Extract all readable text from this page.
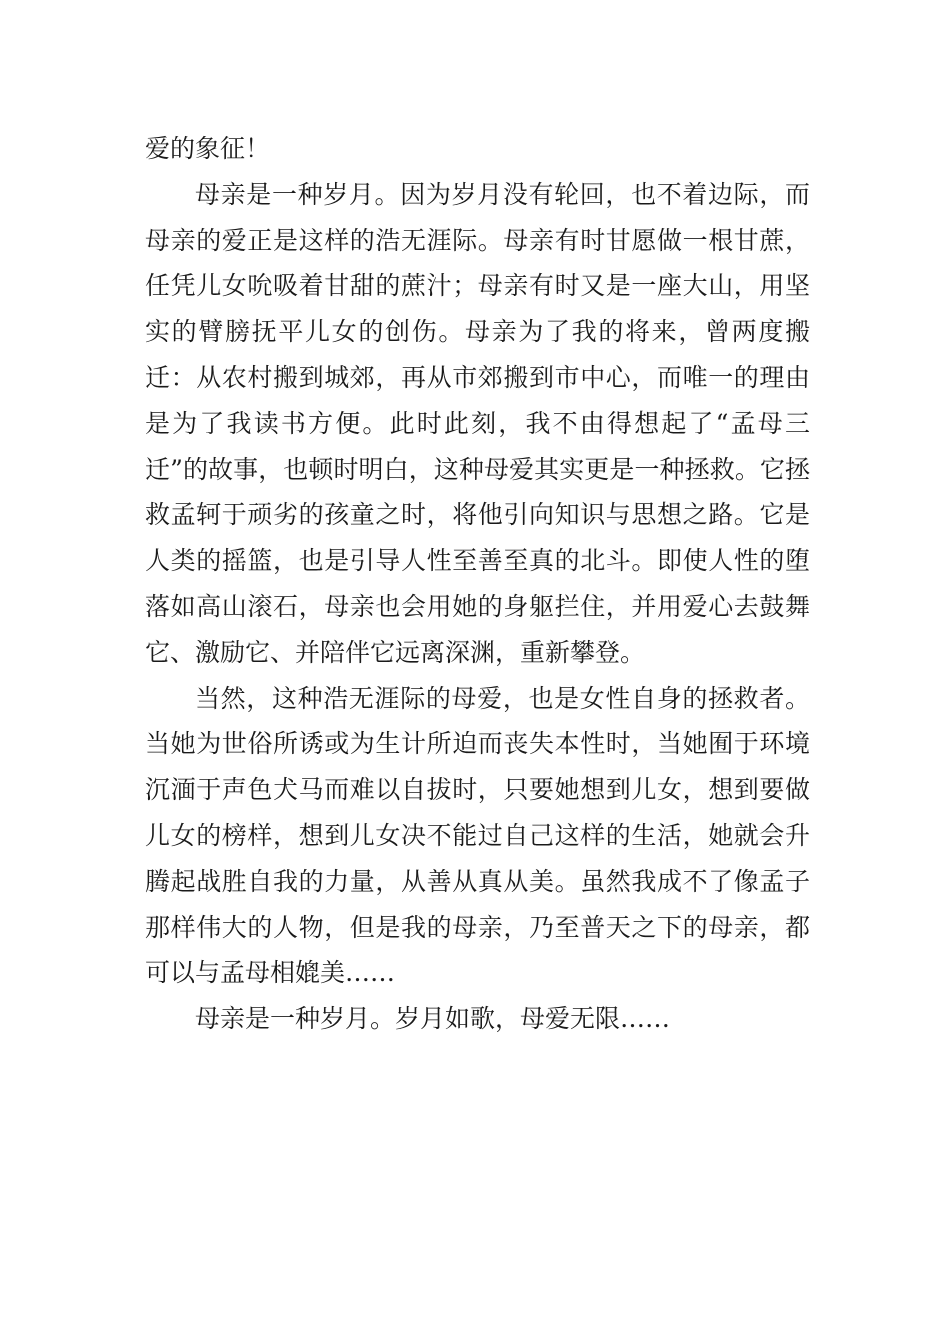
爱的象征！

母亲是一种岁月。因为岁月没有轮回，也不着边际，而母亲的爱正是这样的浩无涯际。母亲有时甘愿做一根甘蔗，任凭儿女吮吸着甘甜的蔗汁；母亲有时又是一座大山，用坚实的臂膀抚平儿女的创伤。母亲为了我的将来，曾两度搬迁：从农村搬到城郊，再从市郊搬到市中心，而唯一的理由是为了我读书方便。此时此刻，我不由得想起了“孟母三迁”的故事，也顿时明白，这种母爱其实更是一种拯救。它拯救孟轲于顽劣的孩童之时，将他引向知识与思想之路。它是人类的摇篮，也是引导人性至善至真的北斗。即使人性的堕落如高山滚石，母亲也会用她的身躯拦住，并用爱心去鼓舞它、激励它、并陪伴它远离深渊，重新攀登。

当然，这种浩无涯际的母爱，也是女性自身的拯救者。当她为世俗所诱或为生计所迫而丧失本性时，当她囿于环境沉湎于声色犬马而难以自拔时，只要她想到儿女，想到要做儿女的榜样，想到儿女决不能过自己这样的生活，她就会升腾起战胜自我的力量，从善从真从美。虽然我成不了像孟子那样伟大的人物，但是我的母亲，乃至普天之下的母亲，都可以与孟母相媲美……

母亲是一种岁月。岁月如歌，母爱无限……
